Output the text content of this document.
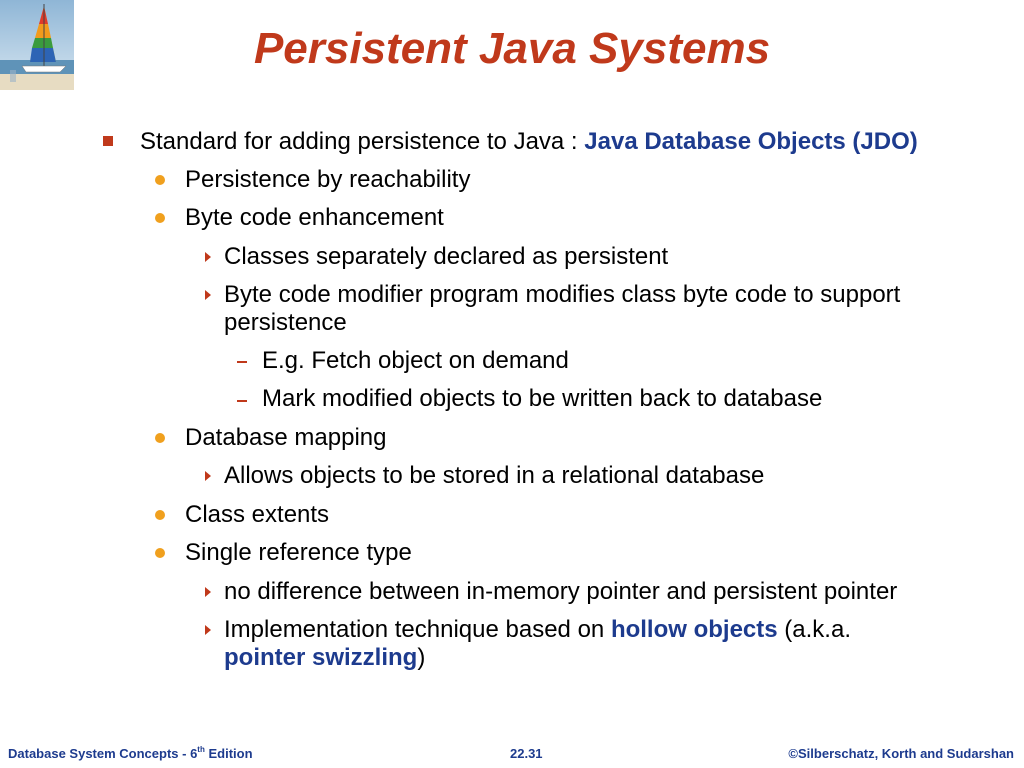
Persistent Java Systems
Standard for adding persistence to Java : Java Database Objects (JDO)
Persistence by reachability
Byte code enhancement
Classes separately declared as persistent
Byte code modifier program modifies class byte code to support
persistence
E.g. Fetch object on demand
Mark modified objects to be written back to database
Database mapping
Allows objects to be stored in a relational database
Class extents
Single reference type
no difference between in-memory pointer and persistent pointer
Implementation technique based on hollow objects (a.k.a.
pointer swizzling)
Database System Concepts - 6th Edition	22.31	©Silberschatz, Korth and Sudarshan
